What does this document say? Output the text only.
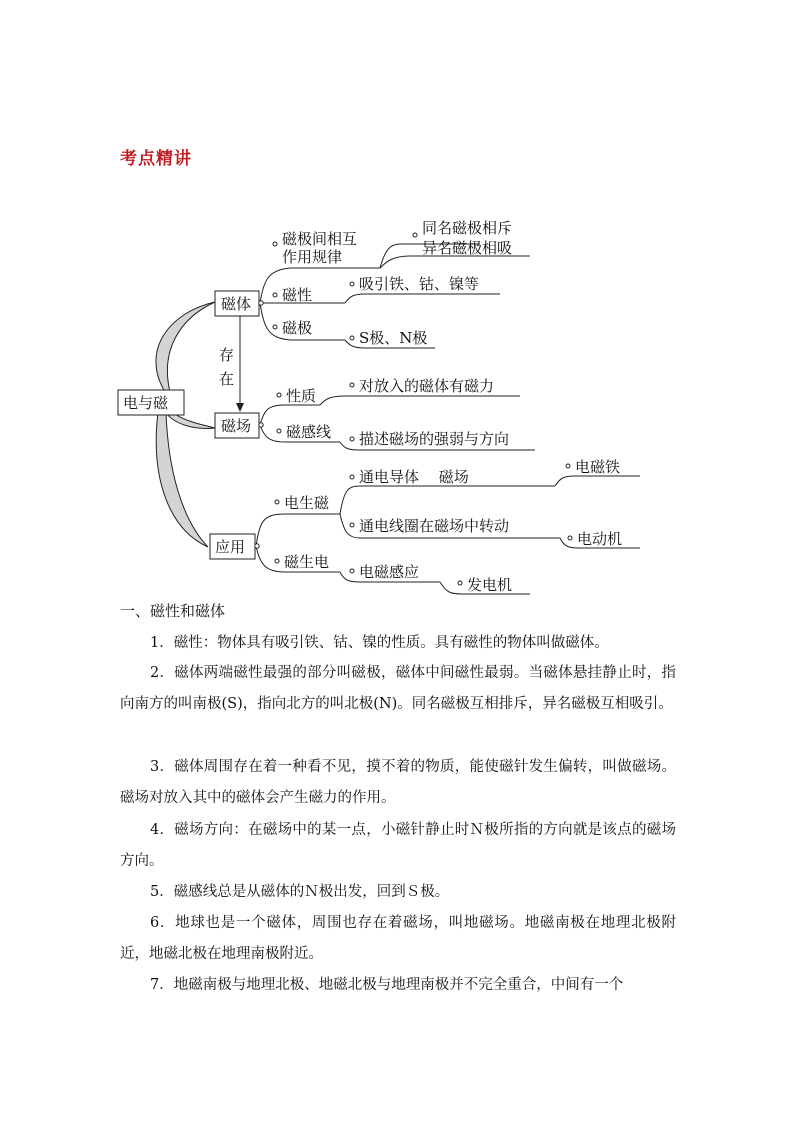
考点精讲
电与磁
磁体
磁场
应用
存
在
磁极间相互
作用规律
磁性
磁极
同名磁极相斥
异名磁极相吸
吸引铁、钴、镍等
S极、N极
性质
磁感线
对放入的磁体有磁力
描述磁场的强弱与方向
电生磁
磁生电
通电导体　 磁场
通电线圈在磁场中转动
电磁铁
电动机
电磁感应
发电机
一、磁性和磁体
1．磁性：物体具有吸引铁、钴、镍的性质。具有磁性的物体叫做磁体。
2．磁体两端磁性最强的部分叫磁极，磁体中间磁性最弱。当磁体悬挂静止时，指向南方的叫南极(S)，指向北方的叫北极(N)。同名磁极互相排斥，异名磁极互相吸引。
3．磁体周围存在着一种看不见，摸不着的物质，能使磁针发生偏转，叫做磁场。磁场对放入其中的磁体会产生磁力的作用。
4．磁场方向：在磁场中的某一点，小磁针静止时Ｎ极所指的方向就是该点的磁场方向。
5．磁感线总是从磁体的Ｎ极出发，回到Ｓ极。
6．地球也是一个磁体，周围也存在着磁场，叫地磁场。地磁南极在地理北极附近，地磁北极在地理南极附近。
7．地磁南极与地理北极、地磁北极与地理南极并不完全重合，中间有一个
